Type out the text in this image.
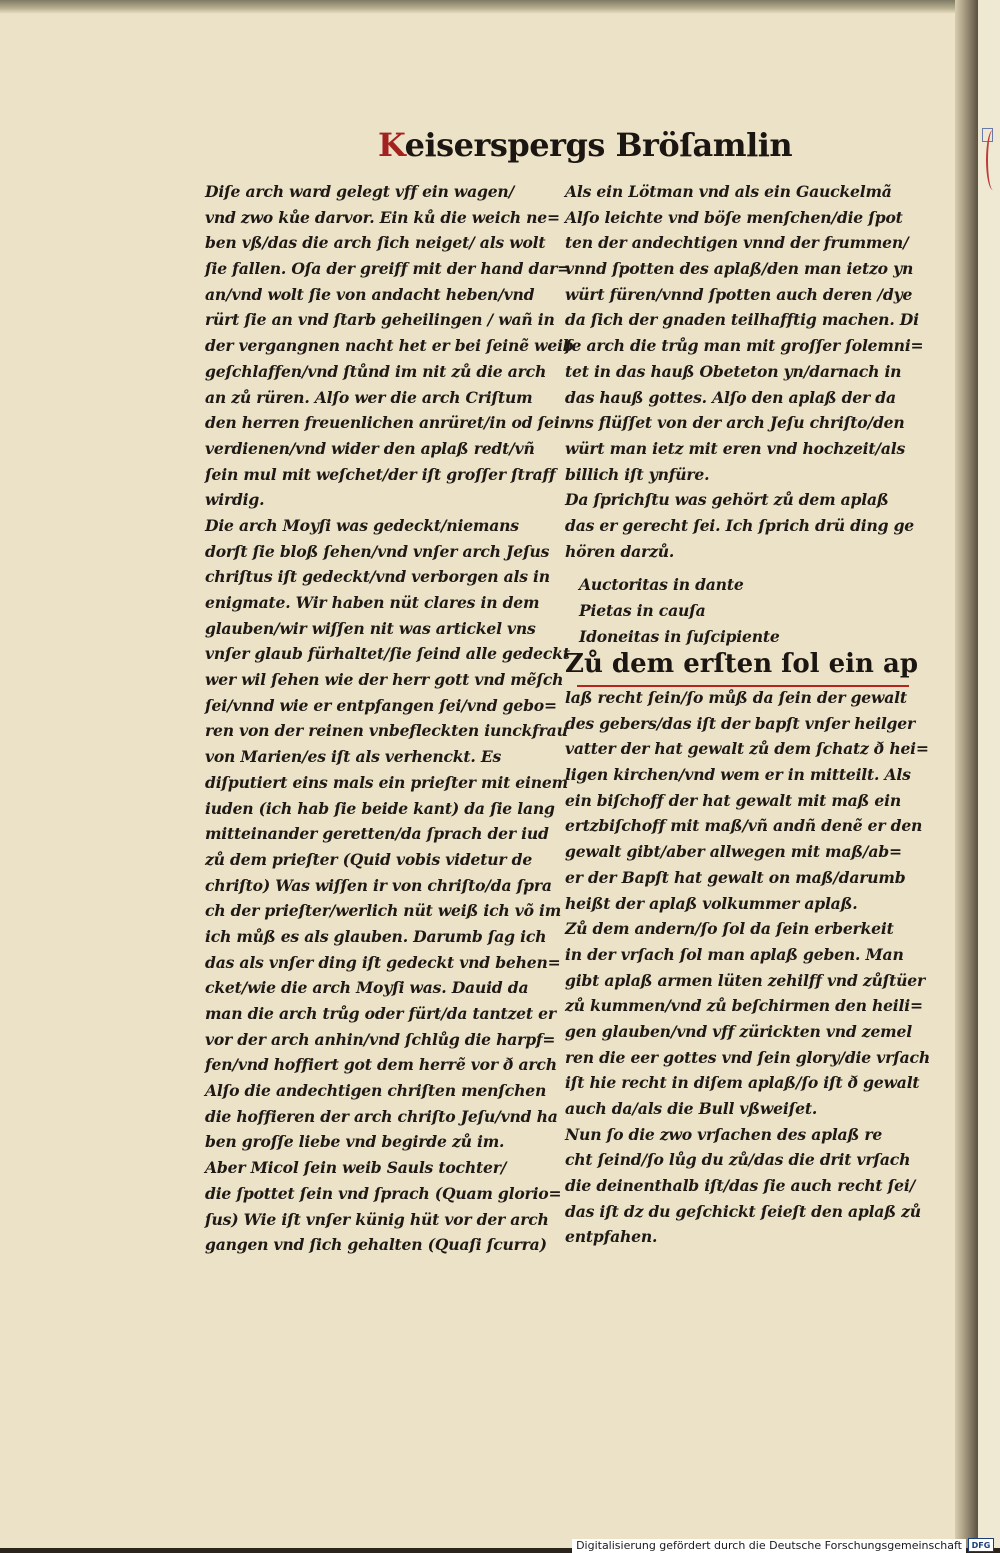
Keiserspergs Bröſamlin
Diſe arch ward gelegt vff ein wagen/
vnd zwo kůe darvor. Ein ků die weich ne=
ben vß/das die arch ſich neiget/ als wolt
ſie fallen. Oſa der greiff mit der hand dar=
an/vnd wolt ſie von andacht heben/vnd
rürt ſie an vnd ſtarb geheilingen / wañ in
der vergangnen nacht het er bei ſeinẽ weib
geſchlaffen/vnd ſtůnd im nit zů die arch
an zů rüren. Alſo wer die arch Criſtum
den herren freuenlichen anrüret/in od ſein
verdienen/vnd wider den aplaß redt/vñ
ſein mul mit weſchet/der iſt groſſer ſtraff
wirdig.
Die arch Moyſi was gedeckt/niemans
dorſt ſie bloß ſehen/vnd vnſer arch Jeſus
chriſtus iſt gedeckt/vnd verborgen als in
enigmate. Wir haben nüt clares in dem
glauben/wir wiſſen nit was artickel vns
vnſer glaub fürhaltet/ſie ſeind alle gedeckt
wer wil ſehen wie der herr gott vnd mẽſch
ſei/vnnd wie er entpfangen ſei/vnd gebo=
ren von der reinen vnbefleckten iunckfrau
von Marien/es iſt als verhenckt. Es
diſputiert eins mals ein prieſter mit einem
iuden (ich hab ſie beide kant) da ſie lang
mitteinander geretten/da ſprach der iud
zů dem prieſter (Quid vobis videtur de
chriſto) Was wiſſen ir von chriſto/da ſpra
ch der prieſter/werlich nüt weiß ich võ im
ich můß es als glauben. Darumb ſag ich
das als vnſer ding iſt gedeckt vnd behen=
cket/wie die arch Moyſi was. Dauid da
man die arch trůg oder fürt/da tantzet er
vor der arch anhin/vnd ſchlůg die harpf=
fen/vnd hoffiert got dem herrẽ vor ð arch
Alſo die andechtigen chriſten menſchen
die hoffieren der arch chriſto Jeſu/vnd ha
ben groſſe liebe vnd begirde zů im.
Aber Micol ſein weib Sauls tochter/
die ſpottet ſein vnd ſprach (Quam glorio=
ſus) Wie iſt vnſer künig hüt vor der arch
gangen vnd ſich gehalten (Quaſi ſcurra)
Als ein Lötman vnd als ein Gauckelmã
Alſo leichte vnd böſe menſchen/die ſpot
ten der andechtigen vnnd der frummen/
vnnd ſpotten des aplaß/den man ietzo yn
würt füren/vnnd ſpotten auch deren /dye
da ſich der gnaden teilhafftig machen. Di
ſe arch die trůg man mit groſſer ſolemni=
tet in das hauß Obeteton yn/darnach in
das hauß gottes. Alſo den aplaß der da
vns flüſſet von der arch Jeſu chriſto/den
würt man ietz mit eren vnd hochzeit/als
billich iſt ynfüre.
Da ſprichſtu was gehört zů dem aplaß
das er gerecht ſei. Ich ſprich drü ding ge
hören darzů.
Auctoritas in dante
Pietas in cauſa
Idoneitas in ſuſcipiente
Zů dem erſten ſol ein ap
laß recht ſein/ſo můß da ſein der gewalt
des gebers/das iſt der bapſt vnſer heilger
vatter der hat gewalt zů dem ſchatz ð hei=
ligen kirchen/vnd wem er in mitteilt. Als
ein biſchoff der hat gewalt mit maß ein
ertzbiſchoff mit maß/vñ andñ denẽ er den
gewalt gibt/aber allwegen mit maß/ab=
er der Bapſt hat gewalt on maß/darumb
heißt der aplaß volkummer aplaß.
Zů dem andern/ſo ſol da ſein erberkeit
in der vrſach ſol man aplaß geben. Man
gibt aplaß armen lüten zehilff vnd zůſtüer
zů kummen/vnd zů beſchirmen den heili=
gen glauben/vnd vff zürickten vnd zemel
ren die eer gottes vnd ſein glory/die vrſach
iſt hie recht in diſem aplaß/ſo iſt ð gewalt
auch da/als die Bull vßweiſet.
Nun ſo die zwo vrſachen des aplaß re
cht ſeind/ſo lůg du zů/das die drit vrſach
die deinenthalb iſt/das ſie auch recht ſei/
das iſt dz du geſchickt ſeieſt den aplaß zů
entpfahen.
Digitalisierung gefördert durch die Deutsche Forschungsgemeinschaft	DFG
